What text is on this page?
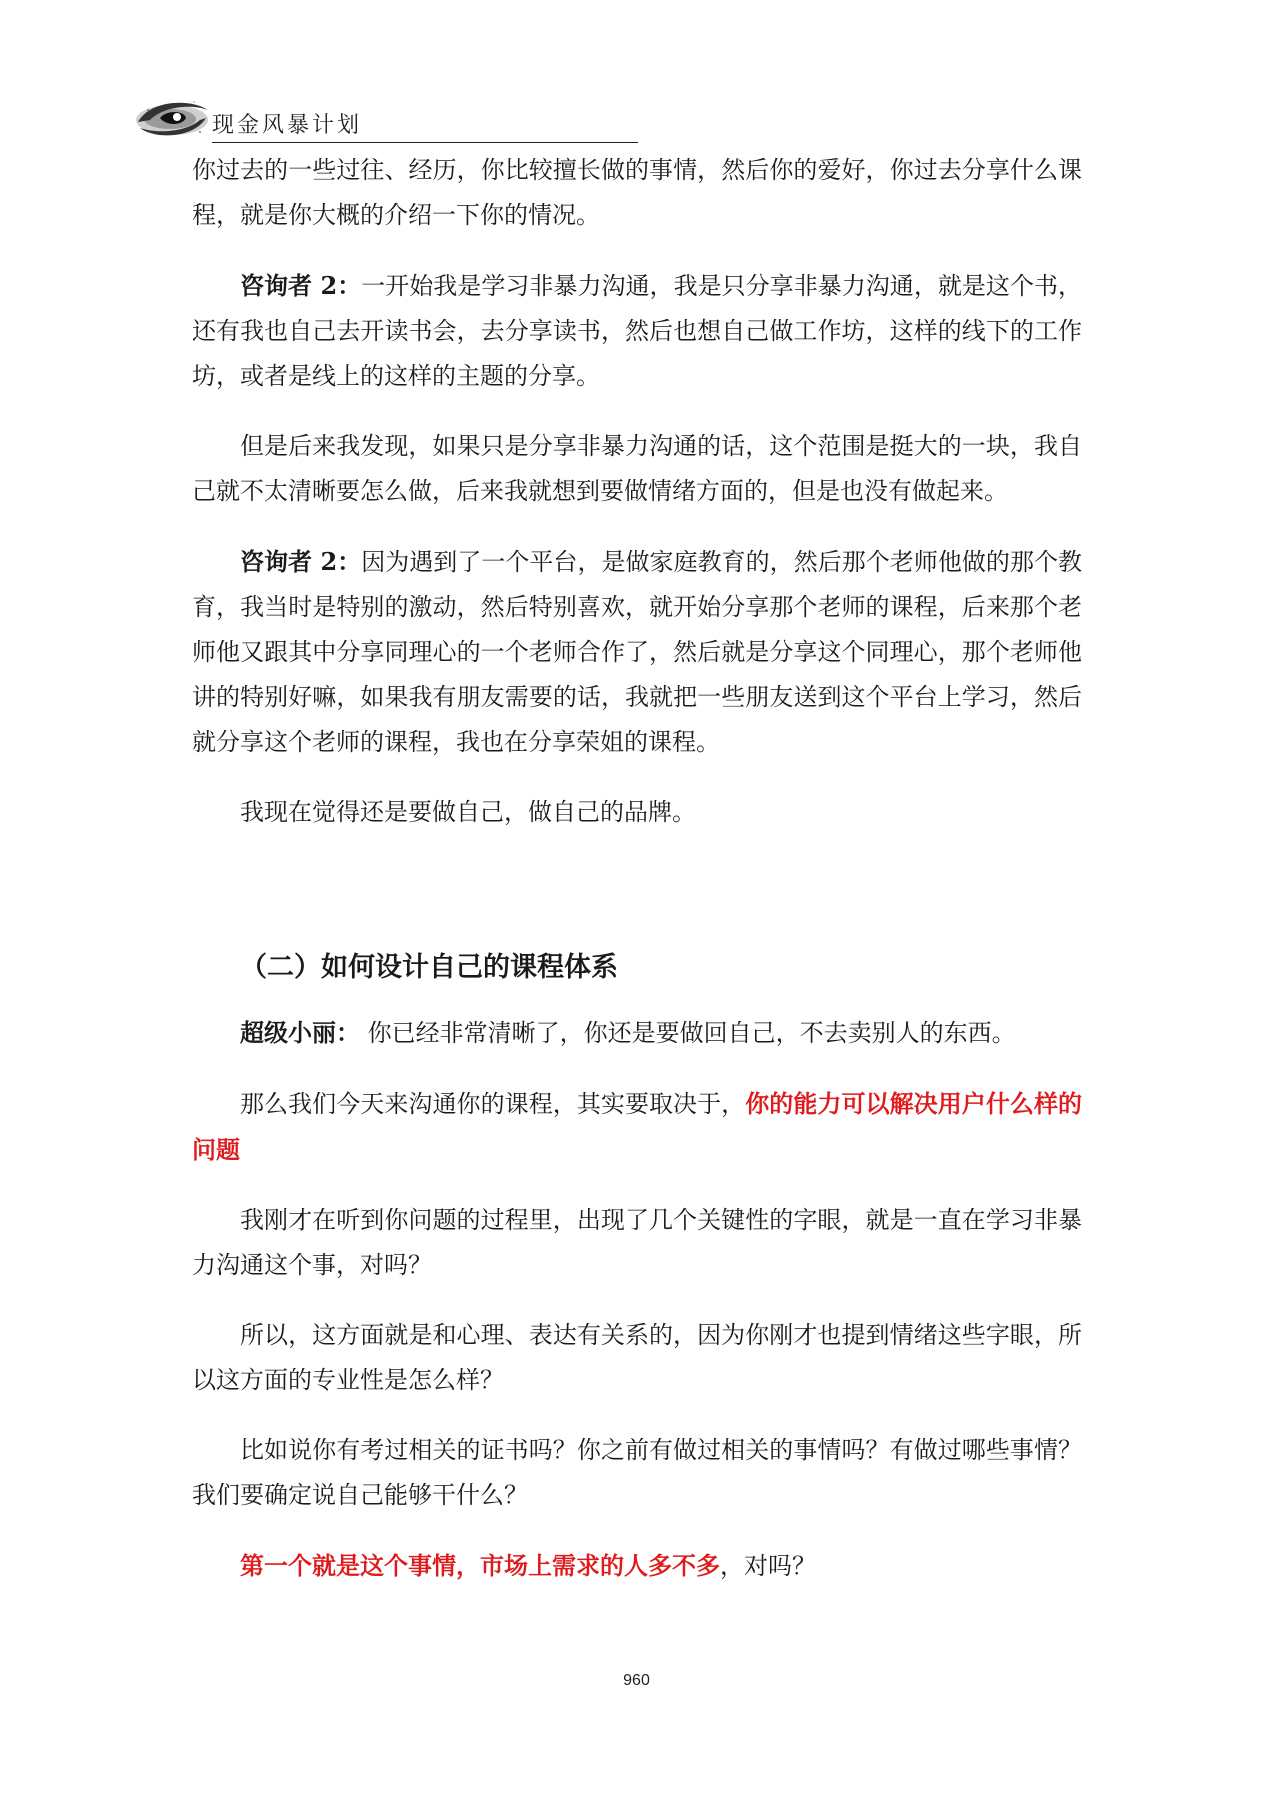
现金风暴计划

你过去的一些过往、经历，你比较擅长做的事情，然后你的爱好，你过去分享什么课程，就是你大概的介绍一下你的情况。

咨询者 2：一开始我是学习非暴力沟通，我是只分享非暴力沟通，就是这个书，还有我也自己去开读书会，去分享读书，然后也想自己做工作坊，这样的线下的工作坊，或者是线上的这样的主题的分享。

但是后来我发现，如果只是分享非暴力沟通的话，这个范围是挺大的一块，我自己就不太清晰要怎么做，后来我就想到要做情绪方面的，但是也没有做起来。

咨询者 2：因为遇到了一个平台，是做家庭教育的，然后那个老师他做的那个教育，我当时是特别的激动，然后特别喜欢，就开始分享那个老师的课程，后来那个老师他又跟其中分享同理心的一个老师合作了，然后就是分享这个同理心，那个老师他讲的特别好嘛，如果我有朋友需要的话，我就把一些朋友送到这个平台上学习，然后就分享这个老师的课程，我也在分享荣姐的课程。

我现在觉得还是要做自己，做自己的品牌。

（二）如何设计自己的课程体系

超级小丽： 你已经非常清晰了，你还是要做回自己，不去卖别人的东西。

那么我们今天来沟通你的课程，其实要取决于，你的能力可以解决用户什么样的问题

我刚才在听到你问题的过程里，出现了几个关键性的字眼，就是一直在学习非暴力沟通这个事，对吗？

所以，这方面就是和心理、表达有关系的，因为你刚才也提到情绪这些字眼，所以这方面的专业性是怎么样？

比如说你有考过相关的证书吗？你之前有做过相关的事情吗？有做过哪些事情？我们要确定说自己能够干什么？

第一个就是这个事情，市场上需求的人多不多，对吗？

960
